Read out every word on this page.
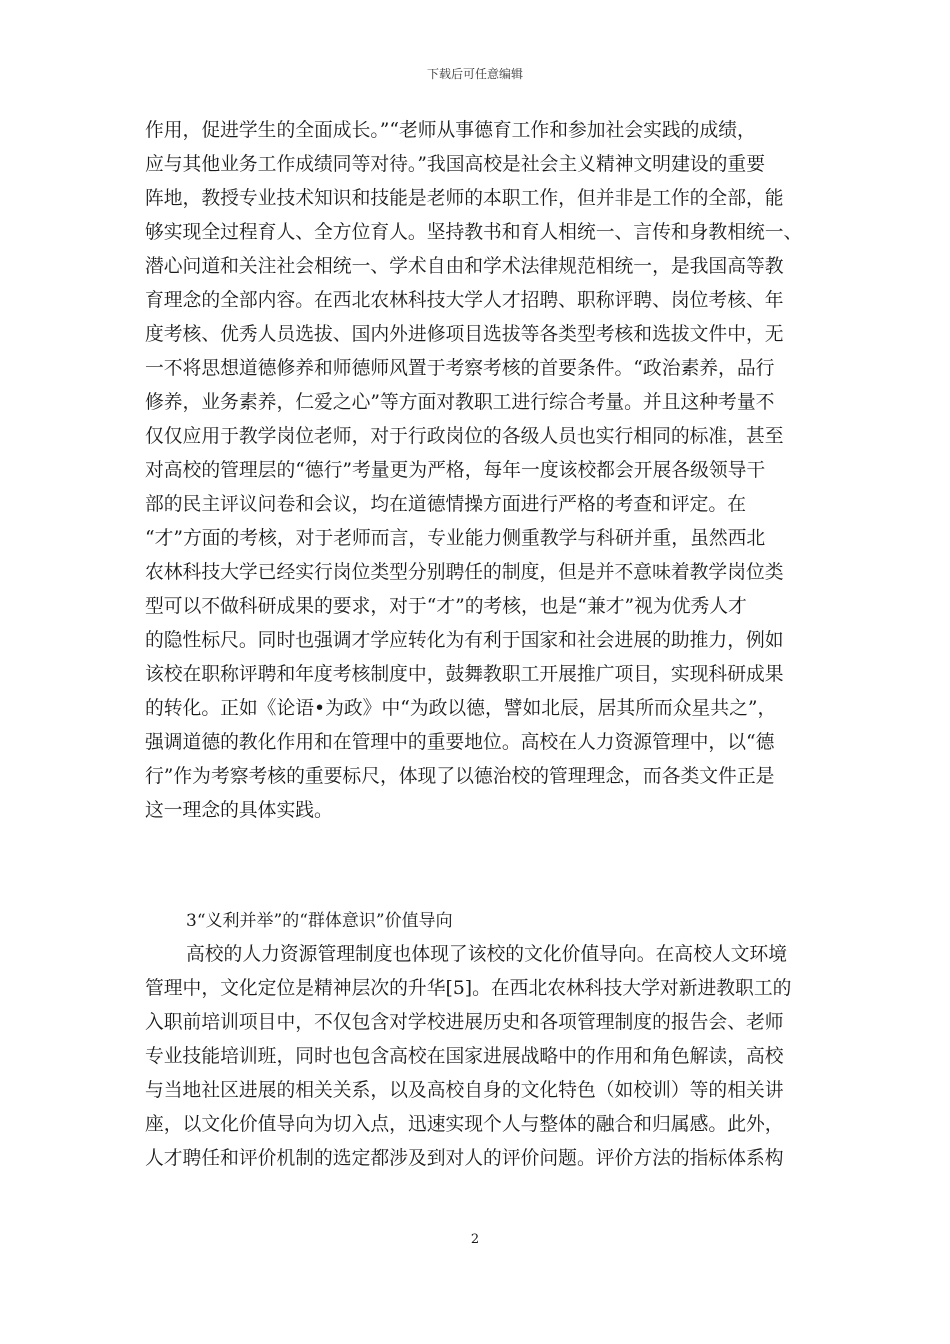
下载后可任意编辑

作用，促进学生的全面成长。”“老师从事德育工作和参加社会实践的成绩，

应与其他业务工作成绩同等对待。”我国高校是社会主义精神文明建设的重要

阵地，教授专业技术知识和技能是老师的本职工作，但并非是工作的全部，能

够实现全过程育人、全方位育人。坚持教书和育人相统一、言传和身教相统一、

潜心问道和关注社会相统一、学术自由和学术法律规范相统一，是我国高等教

育理念的全部内容。在西北农林科技大学人才招聘、职称评聘、岗位考核、年

度考核、优秀人员选拔、国内外进修项目选拔等各类型考核和选拔文件中，无

一不将思想道德修养和师德师风置于考察考核的首要条件。“政治素养，品行

修养，业务素养，仁爱之心”等方面对教职工进行综合考量。并且这种考量不

仅仅应用于教学岗位老师，对于行政岗位的各级人员也实行相同的标准，甚至

对高校的管理层的“德行”考量更为严格，每年一度该校都会开展各级领导干

部的民主评议问卷和会议，均在道德情操方面进行严格的考查和评定。在

“才”方面的考核，对于老师而言，专业能力侧重教学与科研并重，虽然西北

农林科技大学已经实行岗位类型分别聘任的制度，但是并不意味着教学岗位类

型可以不做科研成果的要求，对于“才”的考核，也是“兼才”视为优秀人才

的隐性标尺。同时也强调才学应转化为有利于国家和社会进展的助推力，例如

该校在职称评聘和年度考核制度中，鼓舞教职工开展推广项目，实现科研成果

的转化。正如《论语•为政》中“为政以德，譬如北辰，居其所而众星共之”，

强调道德的教化作用和在管理中的重要地位。高校在人力资源管理中，以“德

行”作为考察考核的重要标尺，体现了以德治校的管理理念，而各类文件正是

这一理念的具体实践。

3“义利并举”的“群体意识”价值导向

高校的人力资源管理制度也体现了该校的文化价值导向。在高校人文环境

管理中，文化定位是精神层次的升华[5]。在西北农林科技大学对新进教职工的

入职前培训项目中，不仅包含对学校进展历史和各项管理制度的报告会、老师

专业技能培训班，同时也包含高校在国家进展战略中的作用和角色解读，高校

与当地社区进展的相关关系，以及高校自身的文化特色（如校训）等的相关讲

座，以文化价值导向为切入点，迅速实现个人与整体的融合和归属感。此外，

人才聘任和评价机制的选定都涉及到对人的评价问题。评价方法的指标体系构

2
